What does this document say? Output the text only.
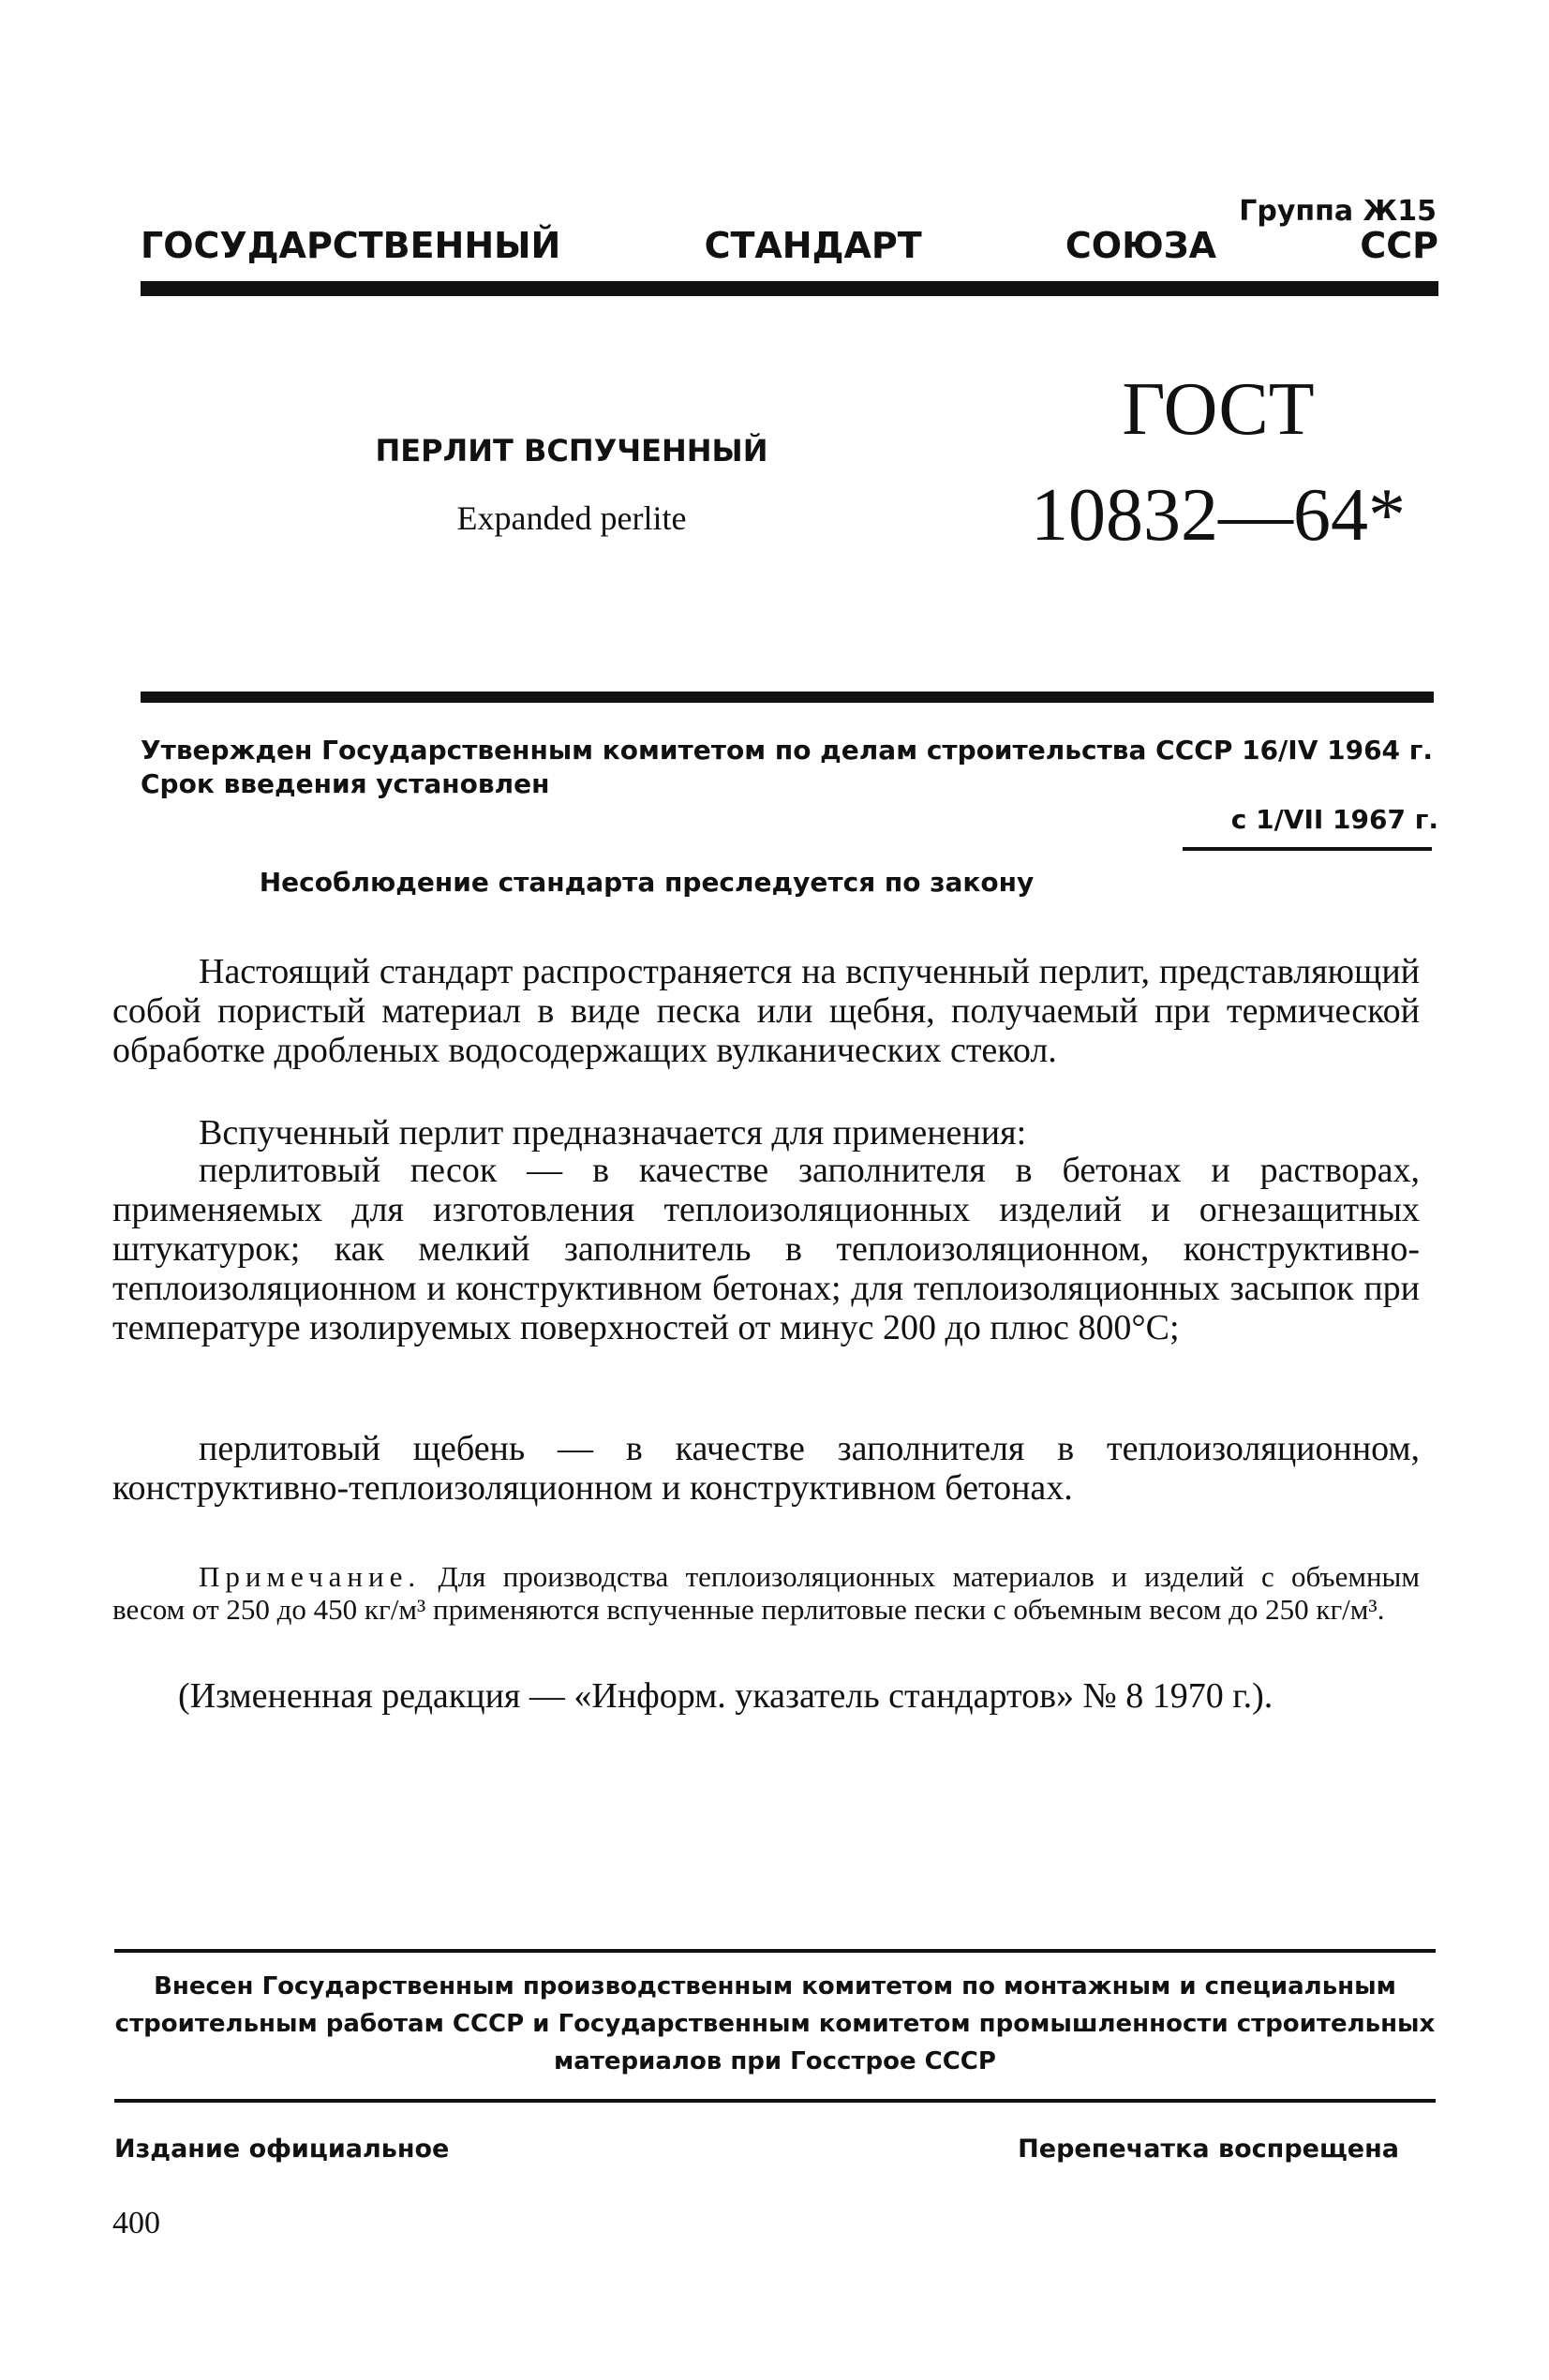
Группа Ж15
ГОСУДАРСТВЕННЫЙ	СТАНДАРТ	СОЮЗА	ССР
ПЕРЛИТ ВСПУЧЕННЫЙ
Expanded perlite
ГОСТ
10832—64*
Утвержден Государственным комитетом по делам строительства СССР 16/IV 1964 г. Срок введения установлен
с 1/VII 1967 г.
Несоблюдение стандарта преследуется по закону

Настоящий стандарт распространяется на вспученный перлит, представляющий собой пористый материал в виде песка или щебня, получаемый при термической обработке дробленых водосодержащих вулканических стекол.

Вспученный перлит предназначается для применения:

перлитовый песок — в качестве заполнителя в бетонах и растворах, применяемых для изготовления теплоизоляционных изделий и огнезащитных штукатурок; как мелкий заполнитель в теплоизоляционном, конструктивно-теплоизоляционном и конструктивном бетонах; для теплоизоляционных засыпок при температуре изолируемых поверхностей от минус 200 до плюс 800°С;

перлитовый щебень — в качестве заполнителя в теплоизоляционном, конструктивно-теплоизоляционном и конструктивном бетонах.

Примечание. Для производства теплоизоляционных материалов и изделий с объемным весом от 250 до 450 кг/м³ применяются вспученные перлитовые пески с объемным весом до 250 кг/м³.

(Измененная редакция — «Информ. указатель стандартов» № 8 1970 г.).

Внесен Государственным производственным комитетом по монтажным и специальным строительным работам СССР и Государственным комитетом промышленности строительных материалов при Госстрое СССР
Издание официальное	Перепечатка воспрещена
400
